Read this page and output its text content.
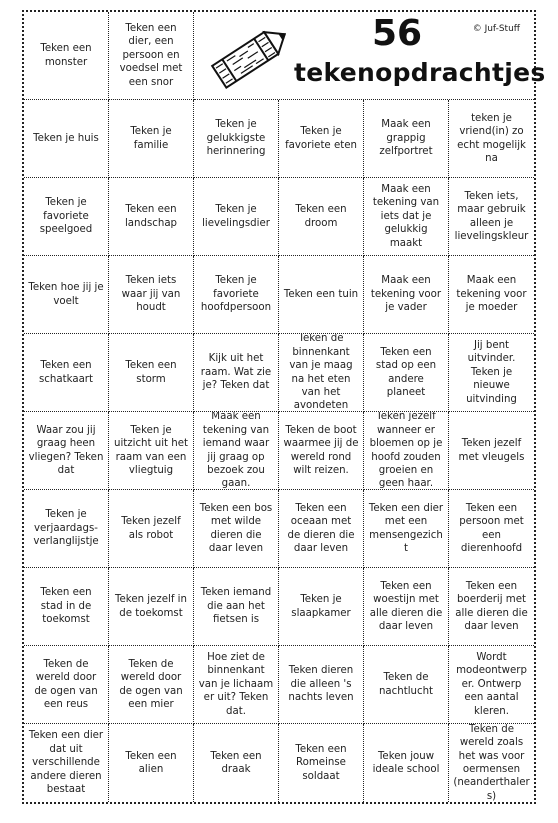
Teken een monster
Teken een dier, een persoon en voedsel met een snor
56	© Juf-Stuff
tekenopdrachtjes
Teken je huis
Teken je familie
Teken je gelukkigste herinnering
Teken je favoriete eten
Maak een grappig zelfportret
teken je vriend(in) zo echt mogelijk na
Teken je favoriete speelgoed
Teken een landschap
Teken je lievelingsdier
Teken een droom
Maak een tekening van iets dat je gelukkig maakt
Teken iets, maar gebruik alleen je lievelingskleur
Teken hoe jij je voelt
Teken iets waar jij van houdt
Teken je favoriete hoofdpersoon
Teken een tuin
Maak een tekening voor je vader
Maak een tekening voor je moeder
Teken een schatkaart
Teken een storm
Kijk uit het raam. Wat zie je? Teken dat
Teken de binnenkant van je maag na het eten van het avondeten
Teken een stad op een andere planeet
Jij bent uitvinder. Teken je nieuwe uitvinding
Waar zou jij graag heen vliegen? Teken dat
Teken je uitzicht uit het raam van een vliegtuig
Maak een tekening van iemand waar jij graag op bezoek zou gaan.
Teken de boot waarmee jij de wereld rond wilt reizen.
Teken jezelf wanneer er bloemen op je hoofd zouden groeien en geen haar.
Teken jezelf met vleugels
Teken je verjaardags-verlanglijstje
Teken jezelf als robot
Teken een bos met wilde dieren die daar leven
Teken een oceaan met de dieren die daar leven
Teken een dier met een mensengezicht
Teken een persoon met een dierenhoofd
Teken een stad in de toekomst
Teken jezelf in de toekomst
Teken iemand die aan het fietsen is
Teken je slaapkamer
Teken een woestijn met alle dieren die daar leven
Teken een boerderij met alle dieren die daar leven
Teken de wereld door de ogen van een reus
Teken de wereld door de ogen van een mier
Hoe ziet de binnenkant van je lichaam er uit? Teken dat.
Teken dieren die alleen 's nachts leven
Teken de nachtlucht
Wordt modeontwerper. Ontwerp een aantal kleren.
Teken een dier dat uit verschillende andere dieren bestaat
Teken een alien
Teken een draak
Teken een Romeinse soldaat
Teken jouw ideale school
Teken de wereld zoals het was voor oermensen (neanderthalers)
